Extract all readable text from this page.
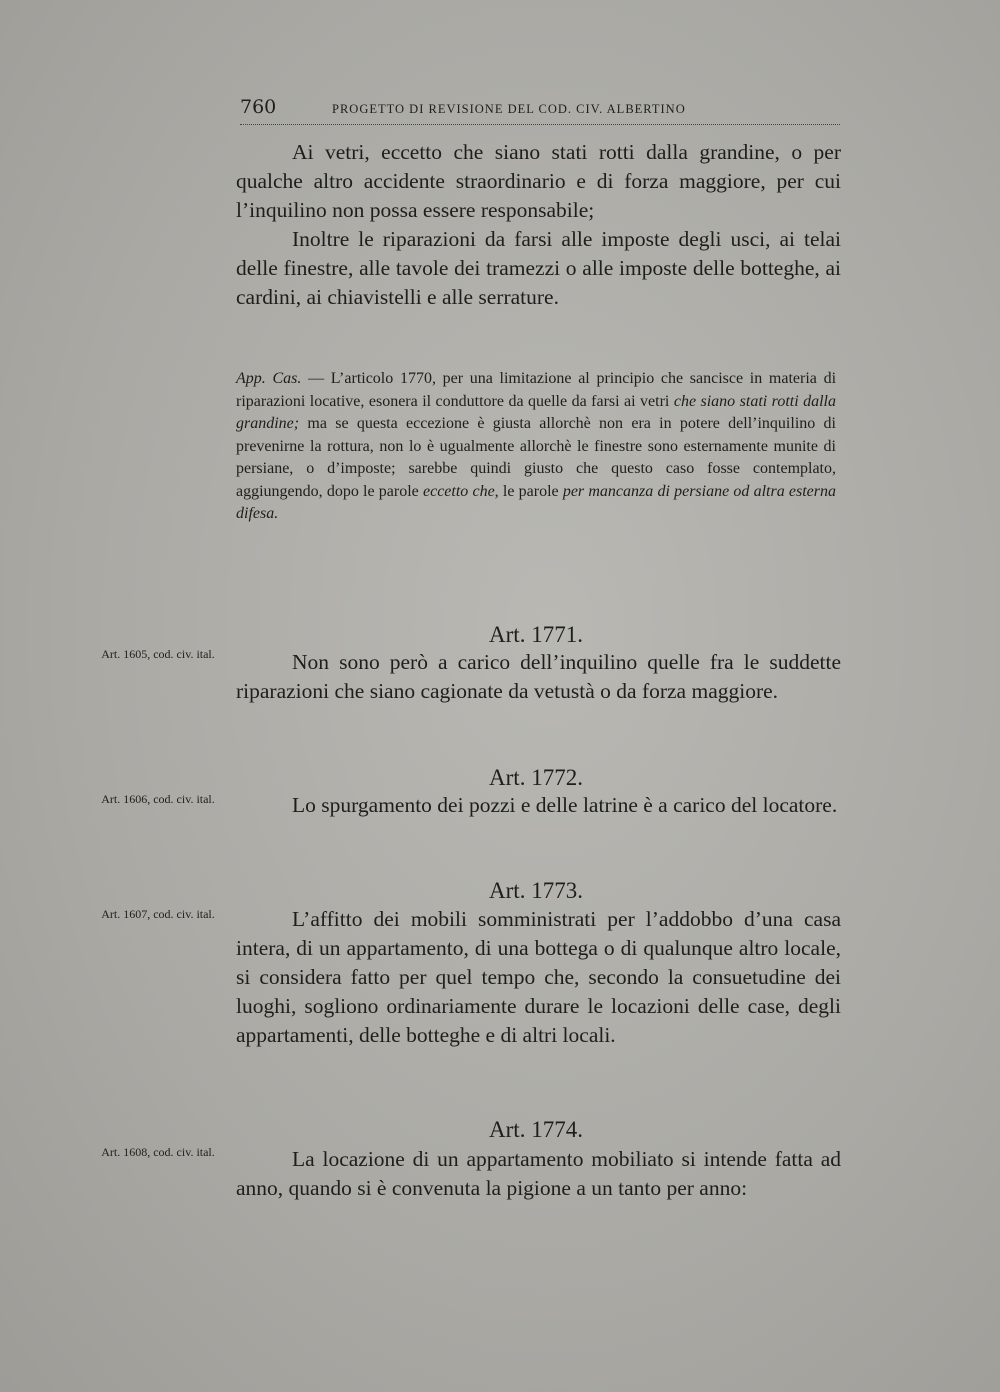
760	PROGETTO DI REVISIONE DEL COD. CIV. ALBERTINO

Ai vetri, eccetto che siano stati rotti dalla grandine, o per qualche altro accidente straordinario e di forza maggiore, per cui l’inquilino non possa essere responsabile;

Inoltre le riparazioni da farsi alle imposte degli usci, ai telai delle finestre, alle tavole dei tramezzi o alle imposte delle botteghe, ai cardini, ai chiavistelli e alle serrature.

App. Cas. — L’articolo 1770, per una limitazione al principio che sancisce in materia di riparazioni locative, esonera il conduttore da quelle da farsi ai vetri che siano stati rotti dalla grandine; ma se questa eccezione è giusta allorchè non era in potere dell’inquilino di prevenirne la rottura, non lo è ugualmente allorchè le finestre sono esternamente munite di persiane, o d’imposte; sarebbe quindi giusto che questo caso fosse contemplato, aggiungendo, dopo le parole eccetto che, le parole per mancanza di persiane od altra esterna difesa.

Art. 1771.
Art. 1605, cod. civ. ital.	Non sono però a carico dell’inquilino quelle fra le suddette riparazioni che siano cagionate da vetustà o da forza maggiore.

Art. 1772.
Art. 1606, cod. civ. ital.	Lo spurgamento dei pozzi e delle latrine è a carico del locatore.

Art. 1773.
Art. 1607, cod. civ. ital.	L’affitto dei mobili somministrati per l’addobbo d’una casa intera, di un appartamento, di una bottega o di qualunque altro locale, si considera fatto per quel tempo che, secondo la consuetudine dei luoghi, sogliono ordinariamente durare le locazioni delle case, degli appartamenti, delle botteghe e di altri locali.

Art. 1774.
Art. 1608, cod. civ. ital.	La locazione di un appartamento mobiliato si intende fatta ad anno, quando si è convenuta la pigione a un tanto per anno:
